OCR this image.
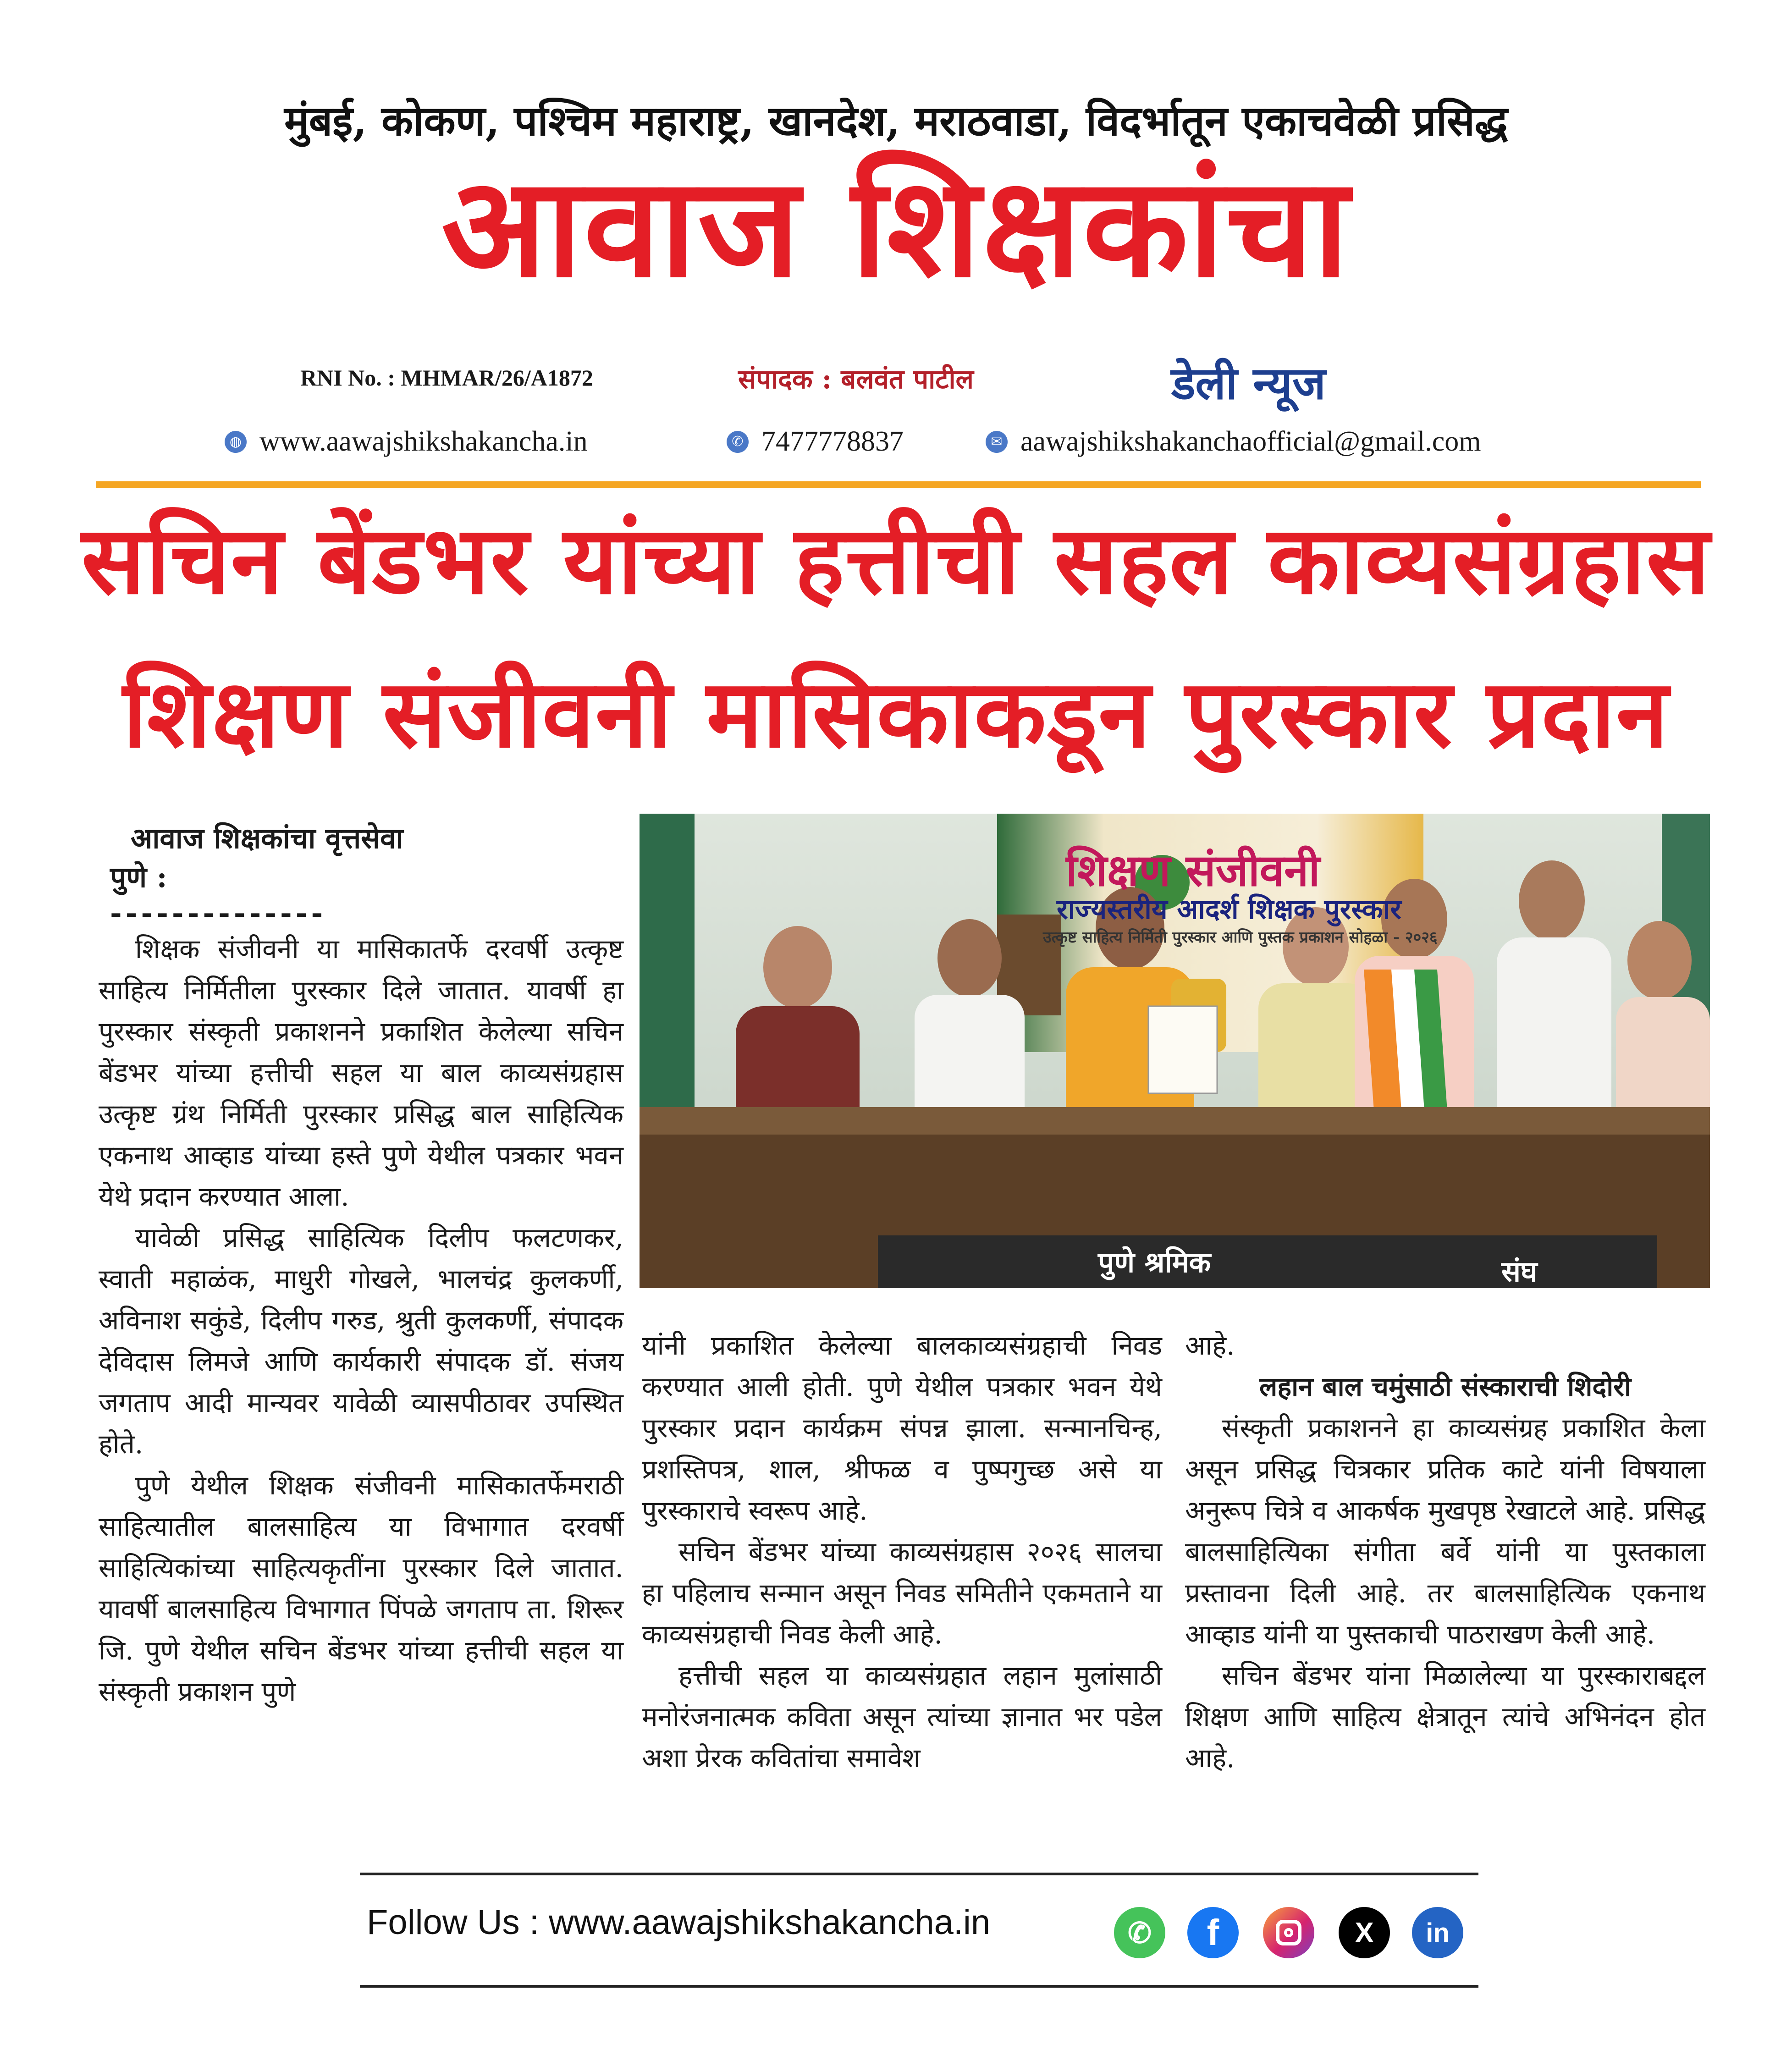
मुंबई, कोकण, पश्चिम महाराष्ट्र, खानदेश, मराठवाडा, विदर्भातून एकाचवेळी प्रसिद्ध
आवाज शिक्षकांचा
RNI No. : MHMAR/26/A1872	संपादक : बलवंत पाटील	डेली न्यूज
◍ www.aawajshikshakancha.in	✆ 7477778837	✉ aawajshikshakanchaofficial@gmail.com
सचिन बेंडभर यांच्या हत्तीची सहल काव्यसंग्रहास
शिक्षण संजीवनी मासिकाकडून पुरस्कार प्रदान
आवाज शिक्षकांचा वृत्तसेवा
पुणे :
--------------

शिक्षक संजीवनी या मासिकातर्फे दरवर्षी उत्कृष्ट साहित्य निर्मितीला पुरस्कार दिले जातात. यावर्षी हा पुरस्कार संस्कृती प्रकाशनने प्रकाशित केलेल्या सचिन बेंडभर यांच्या हत्तीची सहल या बाल काव्यसंग्रहास उत्कृष्ट ग्रंथ निर्मिती पुरस्कार प्रसिद्ध बाल साहित्यिक एकनाथ आव्हाड यांच्या हस्ते पुणे येथील पत्रकार भवन येथे प्रदान करण्यात आला.

यावेळी प्रसिद्ध साहित्यिक दिलीप फलटणकर, स्वाती महाळंक, माधुरी गोखले, भालचंद्र कुलकर्णी, अविनाश सकुंडे, दिलीप गरुड, श्रुती कुलकर्णी, संपादक देविदास लिमजे आणि कार्यकारी संपादक डॉ. संजय जगताप आदी मान्यवर यावेळी व्यासपीठावर उपस्थित होते.

पुणे येथील शिक्षक संजीवनी मासिकातर्फेमराठी साहित्यातील बालसाहित्य या विभागात दरवर्षी साहित्यिकांच्या साहित्यकृतींना पुरस्कार दिले जातात. यावर्षी बालसाहित्य विभागात पिंपळे जगताप ता. शिरूर जि. पुणे येथील सचिन बेंडभर यांच्या हत्तीची सहल या संस्कृती प्रकाशन पुणे

शिक्षण संजीवनी
राज्यस्तरीय आदर्श शिक्षक पुरस्कार
उत्कृष्ट साहित्य निर्मिती पुरस्कार आणि पुस्तक प्रकाशन सोहळा - २०२६
पुणे श्रमिक	संघ

यांनी प्रकाशित केलेल्या बालकाव्यसंग्रहाची निवड करण्यात आली होती. पुणे येथील पत्रकार भवन येथे पुरस्कार प्रदान कार्यक्रम संपन्न झाला. सन्मानचिन्ह, प्रशस्तिपत्र, शाल, श्रीफळ व पुष्पगुच्छ असे या पुरस्काराचे स्वरूप आहे.

सचिन बेंडभर यांच्या काव्यसंग्रहास २०२६ सालचा हा पहिलाच सन्मान असून निवड समितीने एकमताने या काव्यसंग्रहाची निवड केली आहे.

हत्तीची सहल या काव्यसंग्रहात लहान मुलांसाठी मनोरंजनात्मक कविता असून त्यांच्या ज्ञानात भर पडेल अशा प्रेरक कवितांचा समावेश

आहे.

लहान बाल चमुंसाठी संस्काराची शिदोरी

संस्कृती प्रकाशनने हा काव्यसंग्रह प्रकाशित केला असून प्रसिद्ध चित्रकार प्रतिक काटे यांनी विषयाला अनुरूप चित्रे व आकर्षक मुखपृष्ठ रेखाटले आहे. प्रसिद्ध बालसाहित्यिका संगीता बर्वे यांनी या पुस्तकाला प्रस्तावना दिली आहे. तर बालसाहित्यिक एकनाथ आव्हाड यांनी या पुस्तकाची पाठराखण केली आहे.

सचिन बेंडभर यांना मिळालेल्या या पुरस्काराबद्दल शिक्षण आणि साहित्य क्षेत्रातून त्यांचे अभिनंदन होत आहे.

Follow Us : www.aawajshikshakancha.in	✆	f	X	in
